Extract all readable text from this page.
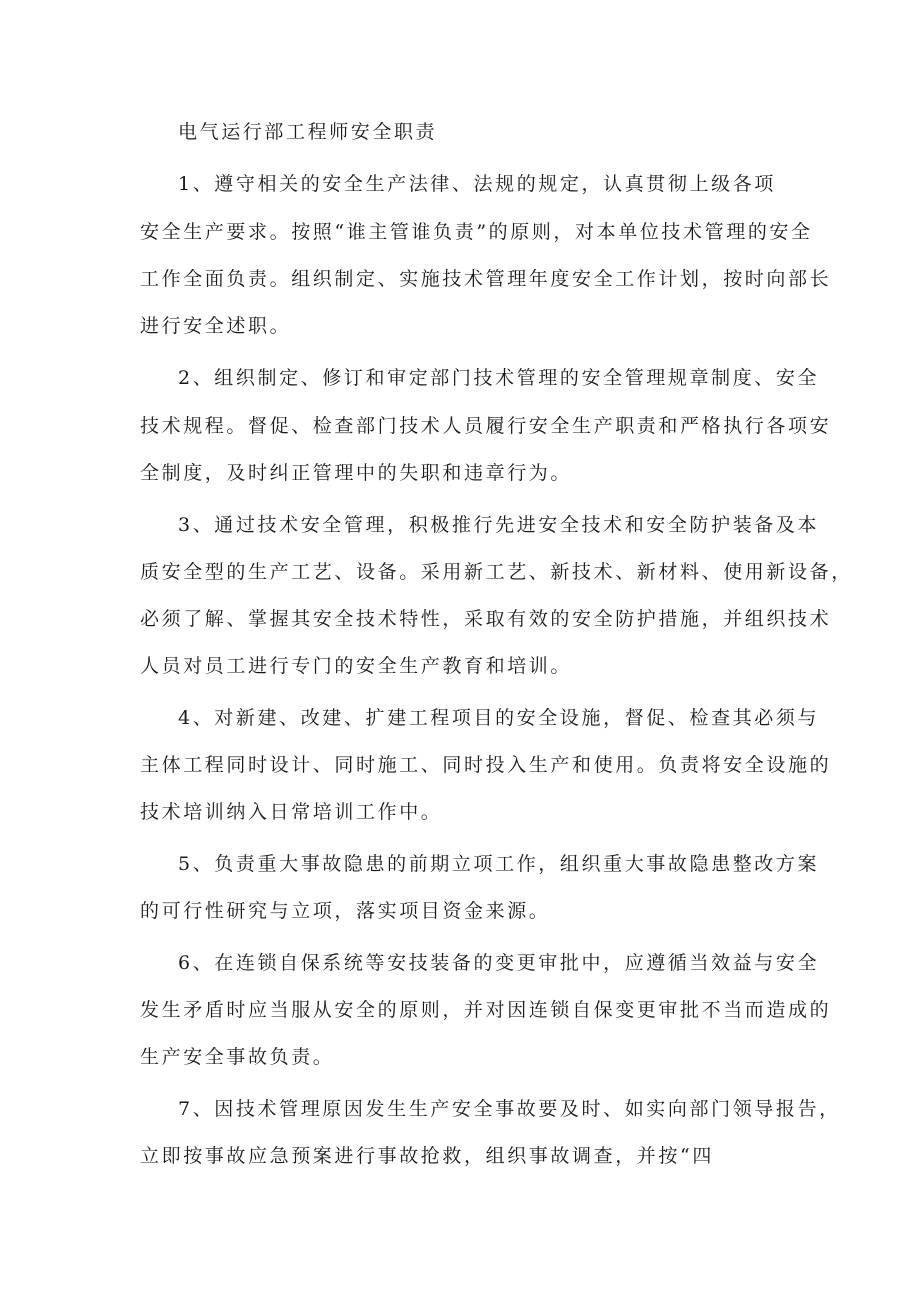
电气运行部工程师安全职责
1、遵守相关的安全生产法律、法规的规定，认真贯彻上级各项
安全生产要求。按照“谁主管谁负责”的原则，对本单位技术管理的安全
工作全面负责。组织制定、实施技术管理年度安全工作计划，按时向部长
进行安全述职。
2、组织制定、修订和审定部门技术管理的安全管理规章制度、安全
技术规程。督促、检查部门技术人员履行安全生产职责和严格执行各项安
全制度，及时纠正管理中的失职和违章行为。
3、通过技术安全管理，积极推行先进安全技术和安全防护装备及本
质安全型的生产工艺、设备。采用新工艺、新技术、新材料、使用新设备，
必须了解、掌握其安全技术特性，采取有效的安全防护措施，并组织技术
人员对员工进行专门的安全生产教育和培训。
4、对新建、改建、扩建工程项目的安全设施，督促、检查其必须与
主体工程同时设计、同时施工、同时投入生产和使用。负责将安全设施的
技术培训纳入日常培训工作中。
5、负责重大事故隐患的前期立项工作，组织重大事故隐患整改方案
的可行性研究与立项，落实项目资金来源。
6、在连锁自保系统等安技装备的变更审批中，应遵循当效益与安全
发生矛盾时应当服从安全的原则，并对因连锁自保变更审批不当而造成的
生产安全事故负责。
7、因技术管理原因发生生产安全事故要及时、如实向部门领导报告，
立即按事故应急预案进行事故抢救，组织事故调查，并按“四
